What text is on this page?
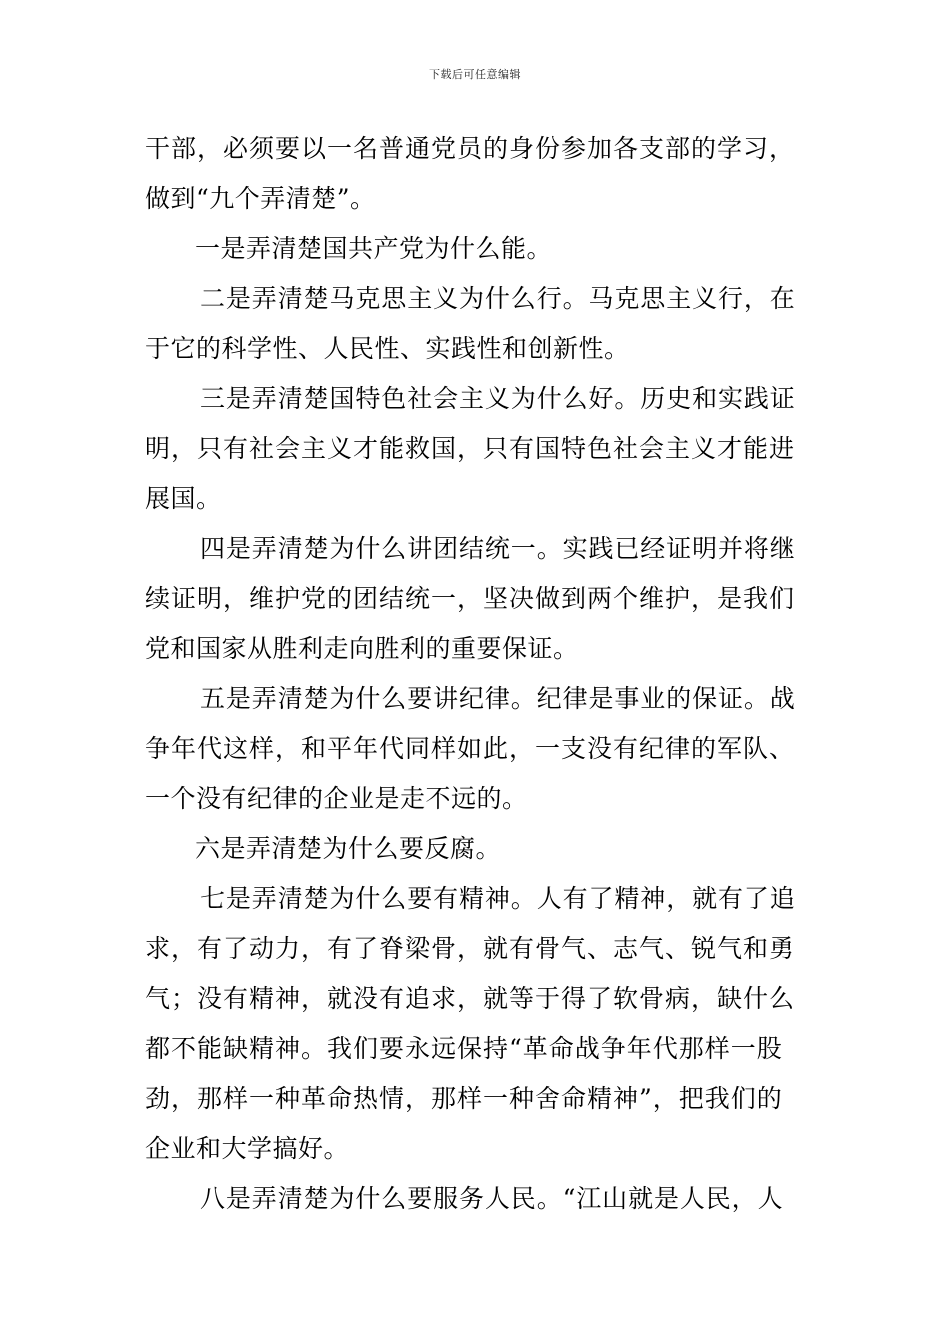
下载后可任意编辑
干部，必须要以一名普通党员的身份参加各支部的学习，
做到“九个弄清楚”。
一是弄清楚国共产党为什么能。
二是弄清楚马克思主义为什么行。马克思主义行，在
于它的科学性、人民性、实践性和创新性。
三是弄清楚国特色社会主义为什么好。历史和实践证
明，只有社会主义才能救国，只有国特色社会主义才能进
展国。
四是弄清楚为什么讲团结统一。实践已经证明并将继
续证明，维护党的团结统一，坚决做到两个维护，是我们
党和国家从胜利走向胜利的重要保证。
五是弄清楚为什么要讲纪律。纪律是事业的保证。战
争年代这样，和平年代同样如此，一支没有纪律的军队、
一个没有纪律的企业是走不远的。
六是弄清楚为什么要反腐。
七是弄清楚为什么要有精神。人有了精神，就有了追
求，有了动力，有了脊梁骨，就有骨气、志气、锐气和勇
气；没有精神，就没有追求，就等于得了软骨病，缺什么
都不能缺精神。我们要永远保持“革命战争年代那样一股
劲，那样一种革命热情，那样一种舍命精神”，把我们的
企业和大学搞好。
八是弄清楚为什么要服务人民。“江山就是人民，人
